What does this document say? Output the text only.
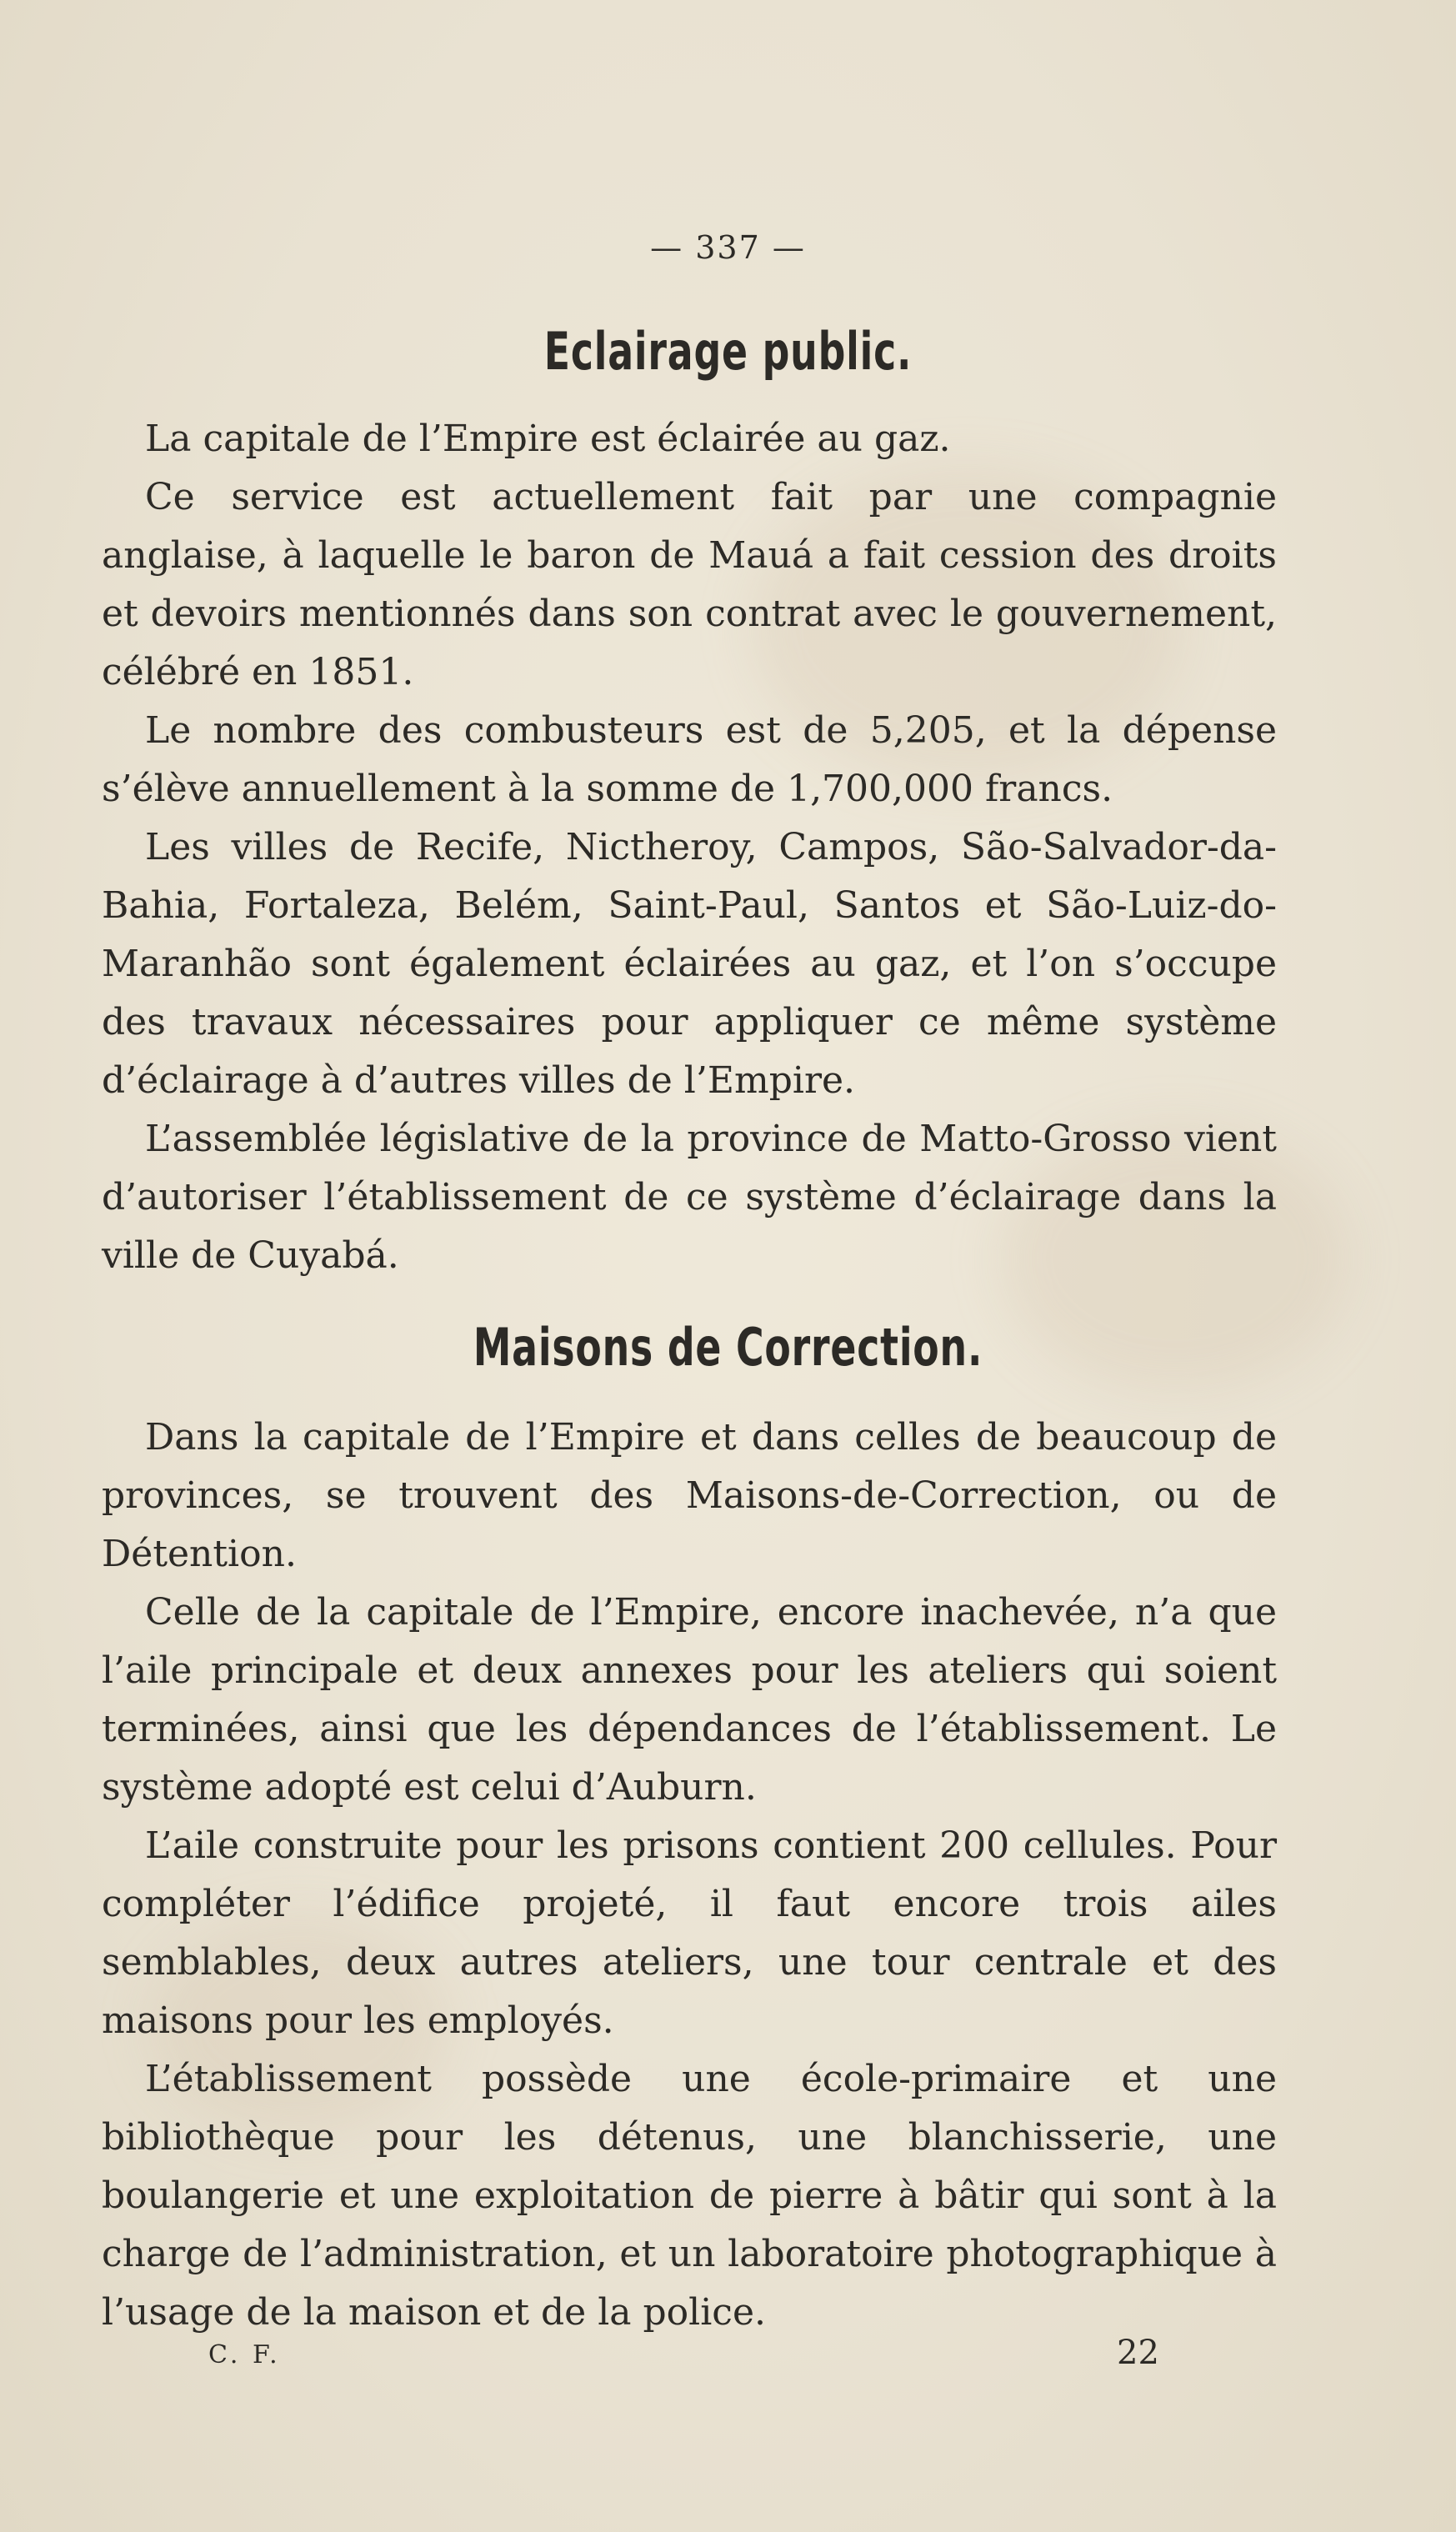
— 337 —
Eclairage public.

La capitale de l’Empire est éclairée au gaz.

Ce service est actuellement fait par une compagnie anglaise, à laquelle le baron de Mauá a fait cession des droits et devoirs mentionnés dans son contrat avec le gouvernement, célébré en 1851.

Le nombre des combusteurs est de 5,205, et la dépense s’élève annuellement à la somme de 1,700,000 francs.

Les villes de Recife, Nictheroy, Campos, São-Salvador-da-Bahia, Fortaleza, Belém, Saint-Paul, Santos et São-Luiz-do-Maranhão sont également éclairées au gaz, et l’on s’occupe des travaux nécessaires pour appliquer ce même système d’éclairage à d’autres villes de l’Empire.

L’assemblée législative de la province de Matto-Grosso vient d’autoriser l’établissement de ce système d’éclairage dans la ville de Cuyabá.

Maisons de Correction.

Dans la capitale de l’Empire et dans celles de beaucoup de provinces, se trouvent des Maisons-de-Correction, ou de Détention.

Celle de la capitale de l’Empire, encore inachevée, n’a que l’aile principale et deux annexes pour les ateliers qui soient terminées, ainsi que les dépendances de l’établissement. Le système adopté est celui d’Auburn.

L’aile construite pour les prisons contient 200 cellules. Pour compléter l’édifice projeté, il faut encore trois ailes semblables, deux autres ateliers, une tour centrale et des maisons pour les employés.

L’établissement possède une école-primaire et une bibliothèque pour les détenus, une blanchisserie, une boulangerie et une exploitation de pierre à bâtir qui sont à la charge de l’administration, et un laboratoire photographique à l’usage de la maison et de la police.

C. F.	22
